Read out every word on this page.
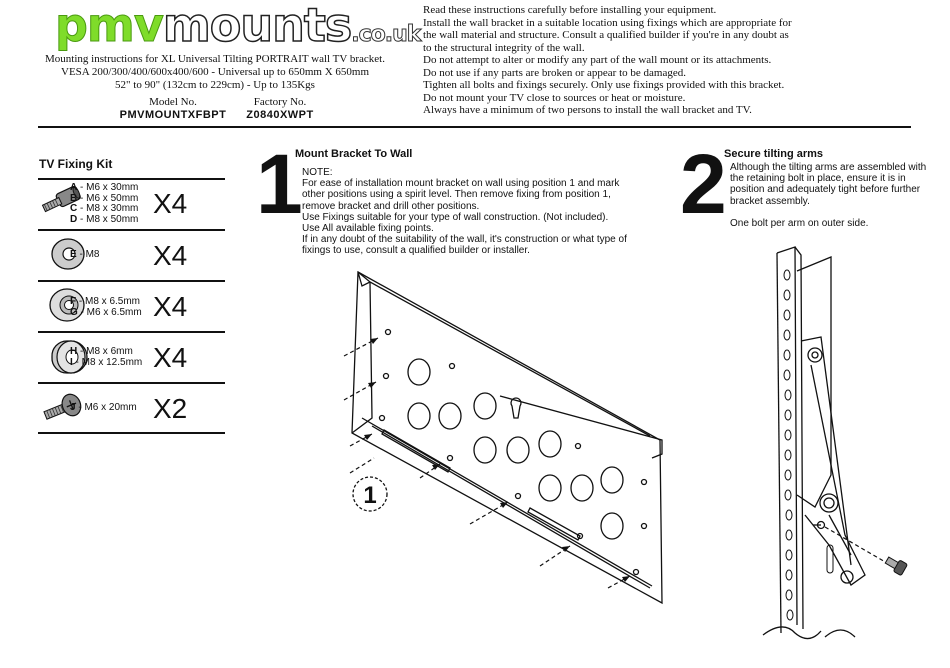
pmvmounts.co.uk
Mounting instructions for XL Universal Tilting PORTRAIT wall TV bracket.
VESA 200/300/400/600x400/600 - Universal up to 650mm X 650mm
52" to 90" (132cm to 229cm) - Up to 135Kgs
Model No.
PMVMOUNTXFBPT
Factory No.
Z0840XWPT

Read these instructions carefully before installing your equipment.

Install the wall bracket in a suitable location using fixings which are appropriate for

the wall material and structure. Consult a qualified builder if you're in any doubt as

to the structural integrity of the wall.

Do not attempt to alter or modify any part of the wall mount or its attachments.

Do not use if any parts are broken or appear to be damaged.

Tighten all bolts and fixings securely. Only use fixings provided with this bracket.

Do not mount your TV close to sources or heat or moisture.

Always have a minimum of two persons to install the wall bracket and TV.

TV Fixing Kit
A - M6 x 30mm
B - M6 x 50mm
C - M8 x 30mm
D - M8 x 50mm X4
E - M8 X4
F - M8 x 6.5mm
G - M6 x 6.5mm X4
H - M8 x 6mm
I - M8 x 12.5mm X4
J - M6 x 20mm X2
1
Mount Bracket To Wall
NOTE:
For ease of installation mount bracket on wall using position 1 and mark
other positions using a spirit level. Then remove fixing from position 1,
remove bracket and drill other positions.
Use Fixings suitable for your type of wall construction. (Not included).
Use All available fixing points.
If in any doubt of the suitability of the wall, it's construction or what type of
fixings to use, consult a qualified builder or installer.
1
2
Secure tilting arms
Although the tilting arms are assembled with
the retaining bolt in place, ensure it is in
position and adequately tight before further
bracket assembly.
One bolt per arm on outer side.
